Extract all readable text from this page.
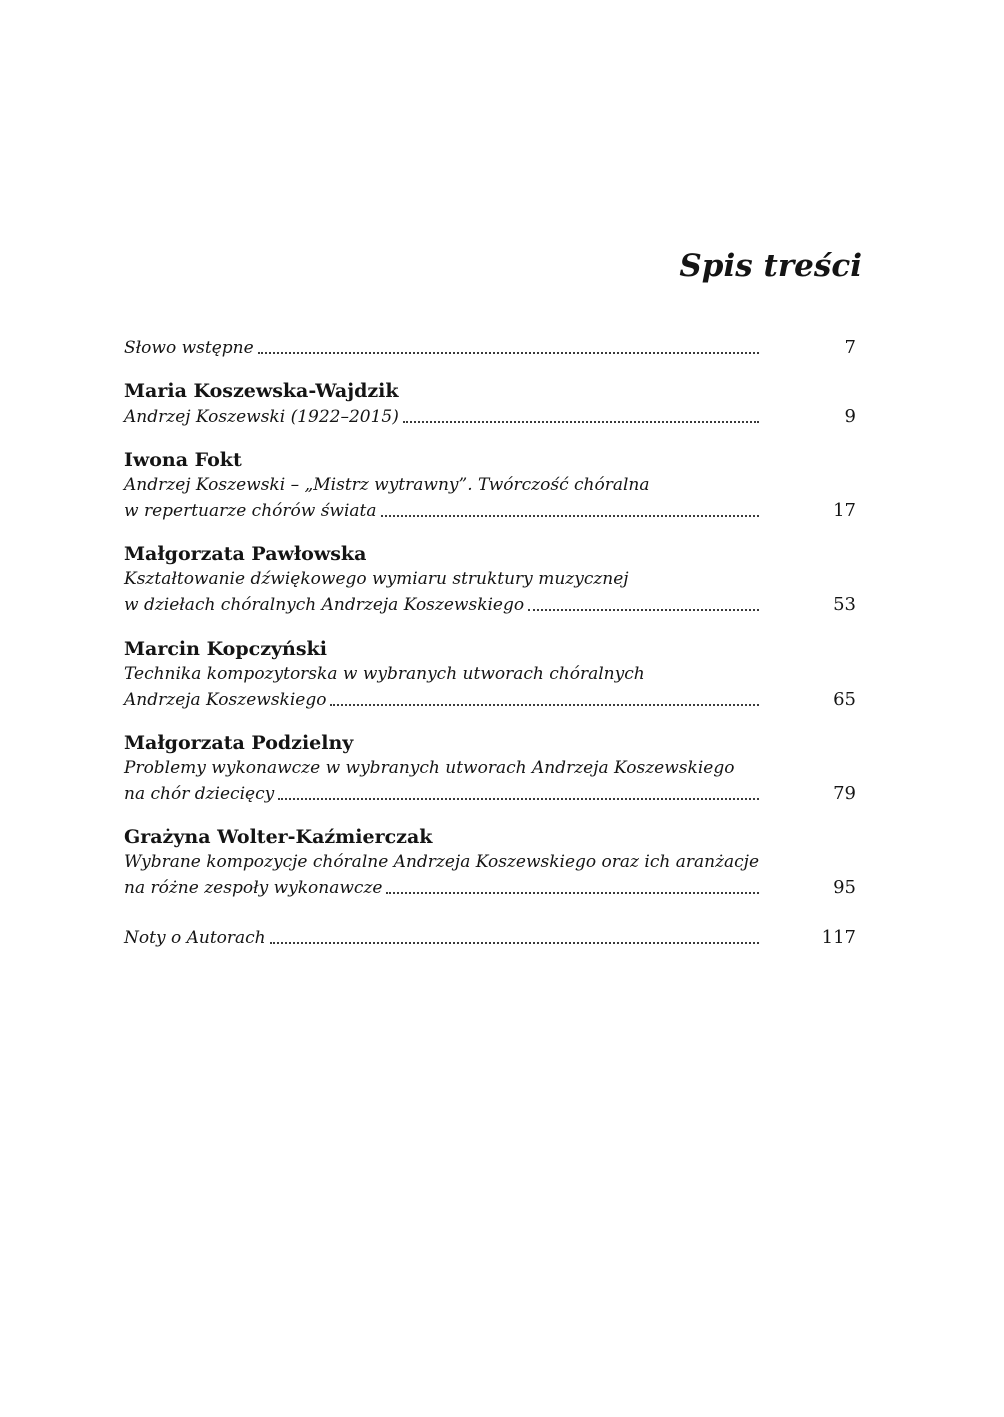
Spis treści
Słowo wstępne	7
Maria Koszewska-Wajdzik
Andrzej Koszewski (1922–2015)	9
Iwona Fokt
Andrzej Koszewski – „Mistrz wytrawny”. Twórczość chóralna
w repertuarze chórów świata	17
Małgorzata Pawłowska
Kształtowanie dźwiękowego wymiaru struktury muzycznej
w dziełach chóralnych Andrzeja Koszewskiego	53
Marcin Kopczyński
Technika kompozytorska w wybranych utworach chóralnych
Andrzeja Koszewskiego	65
Małgorzata Podzielny
Problemy wykonawcze w wybranych utworach Andrzeja Koszewskiego
na chór dziecięcy	79
Grażyna Wolter-Kaźmierczak
Wybrane kompozycje chóralne Andrzeja Koszewskiego oraz ich aranżacje
na różne zespoły wykonawcze	95
Noty o Autorach	117
